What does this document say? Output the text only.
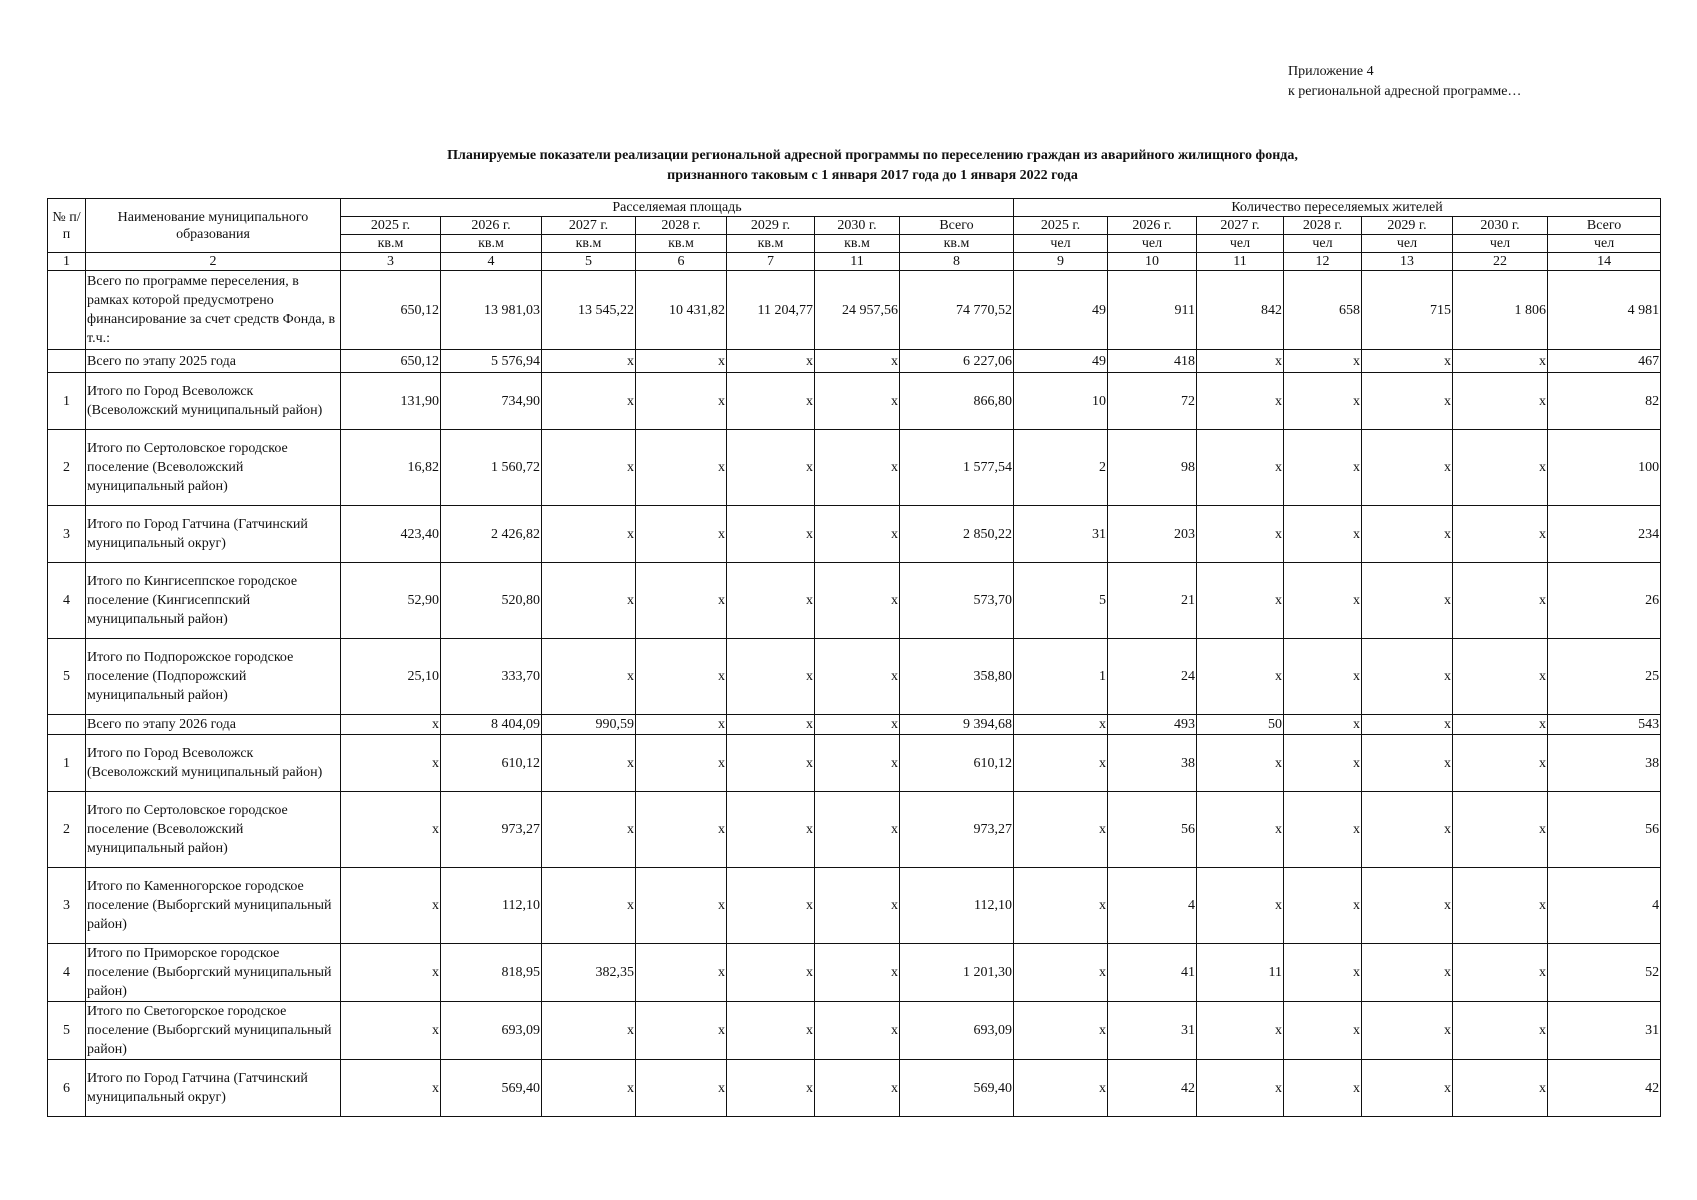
Приложение 4
к региональной адресной программе…
Планируемые показатели реализации региональной адресной программы по переселению граждан из аварийного жилищного фонда,
признанного таковым с 1 января 2017 года до 1 января 2022 года
№ п/п	Наименование муниципального образования	Расселяемая площадь							Количество переселяемых жителей						
		2025 г.	2026 г.	2027 г.	2028 г.	2029 г.	2030 г.	Всего	2025 г.	2026 г.	2027 г.	2028 г.	2029 г.	2030 г.	Всего
		кв.м	кв.м	кв.м	кв.м	кв.м	кв.м	кв.м	чел	чел	чел	чел	чел	чел	чел
1	2	3	4	5	6	7	11	8	9	10	11	12	13	22	14
	Всего по программе переселения, в рамках которой предусмотрено финансирование за счет средств Фонда, в т.ч.:	650,12	13 981,03	13 545,22	10 431,82	11 204,77	24 957,56	74 770,52	49	911	842	658	715	1 806	4 981
	Всего по этапу 2025 года	650,12	5 576,94	x	x	x	x	6 227,06	49	418	x	x	x	x	467
1	Итого по Город Всеволожск (Всеволожский муниципальный район)	131,90	734,90	x	x	x	x	866,80	10	72	x	x	x	x	82
2	Итого по Сертоловское городское поселение (Всеволожский муниципальный район)	16,82	1 560,72	x	x	x	x	1 577,54	2	98	x	x	x	x	100
3	Итого по Город Гатчина (Гатчинский муниципальный округ)	423,40	2 426,82	x	x	x	x	2 850,22	31	203	x	x	x	x	234
4	Итого по Кингисеппское городское поселение (Кингисеппский муниципальный район)	52,90	520,80	x	x	x	x	573,70	5	21	x	x	x	x	26
5	Итого по Подпорожское городское поселение (Подпорожский муниципальный район)	25,10	333,70	x	x	x	x	358,80	1	24	x	x	x	x	25
	Всего по этапу 2026 года	x	8 404,09	990,59	x	x	x	9 394,68	x	493	50	x	x	x	543
1	Итого по Город Всеволожск (Всеволожский муниципальный район)	x	610,12	x	x	x	x	610,12	x	38	x	x	x	x	38
2	Итого по Сертоловское городское поселение (Всеволожский муниципальный район)	x	973,27	x	x	x	x	973,27	x	56	x	x	x	x	56
3	Итого по Каменногорское городское поселение (Выборгский муниципальный район)	x	112,10	x	x	x	x	112,10	x	4	x	x	x	x	4
4	Итого по Приморское городское поселение (Выборгский муниципальный район)	x	818,95	382,35	x	x	x	1 201,30	x	41	11	x	x	x	52
5	Итого по Светогорское городское поселение (Выборгский муниципальный район)	x	693,09	x	x	x	x	693,09	x	31	x	x	x	x	31
6	Итого по Город Гатчина (Гатчинский муниципальный округ)	x	569,40	x	x	x	x	569,40	x	42	x	x	x	x	42
